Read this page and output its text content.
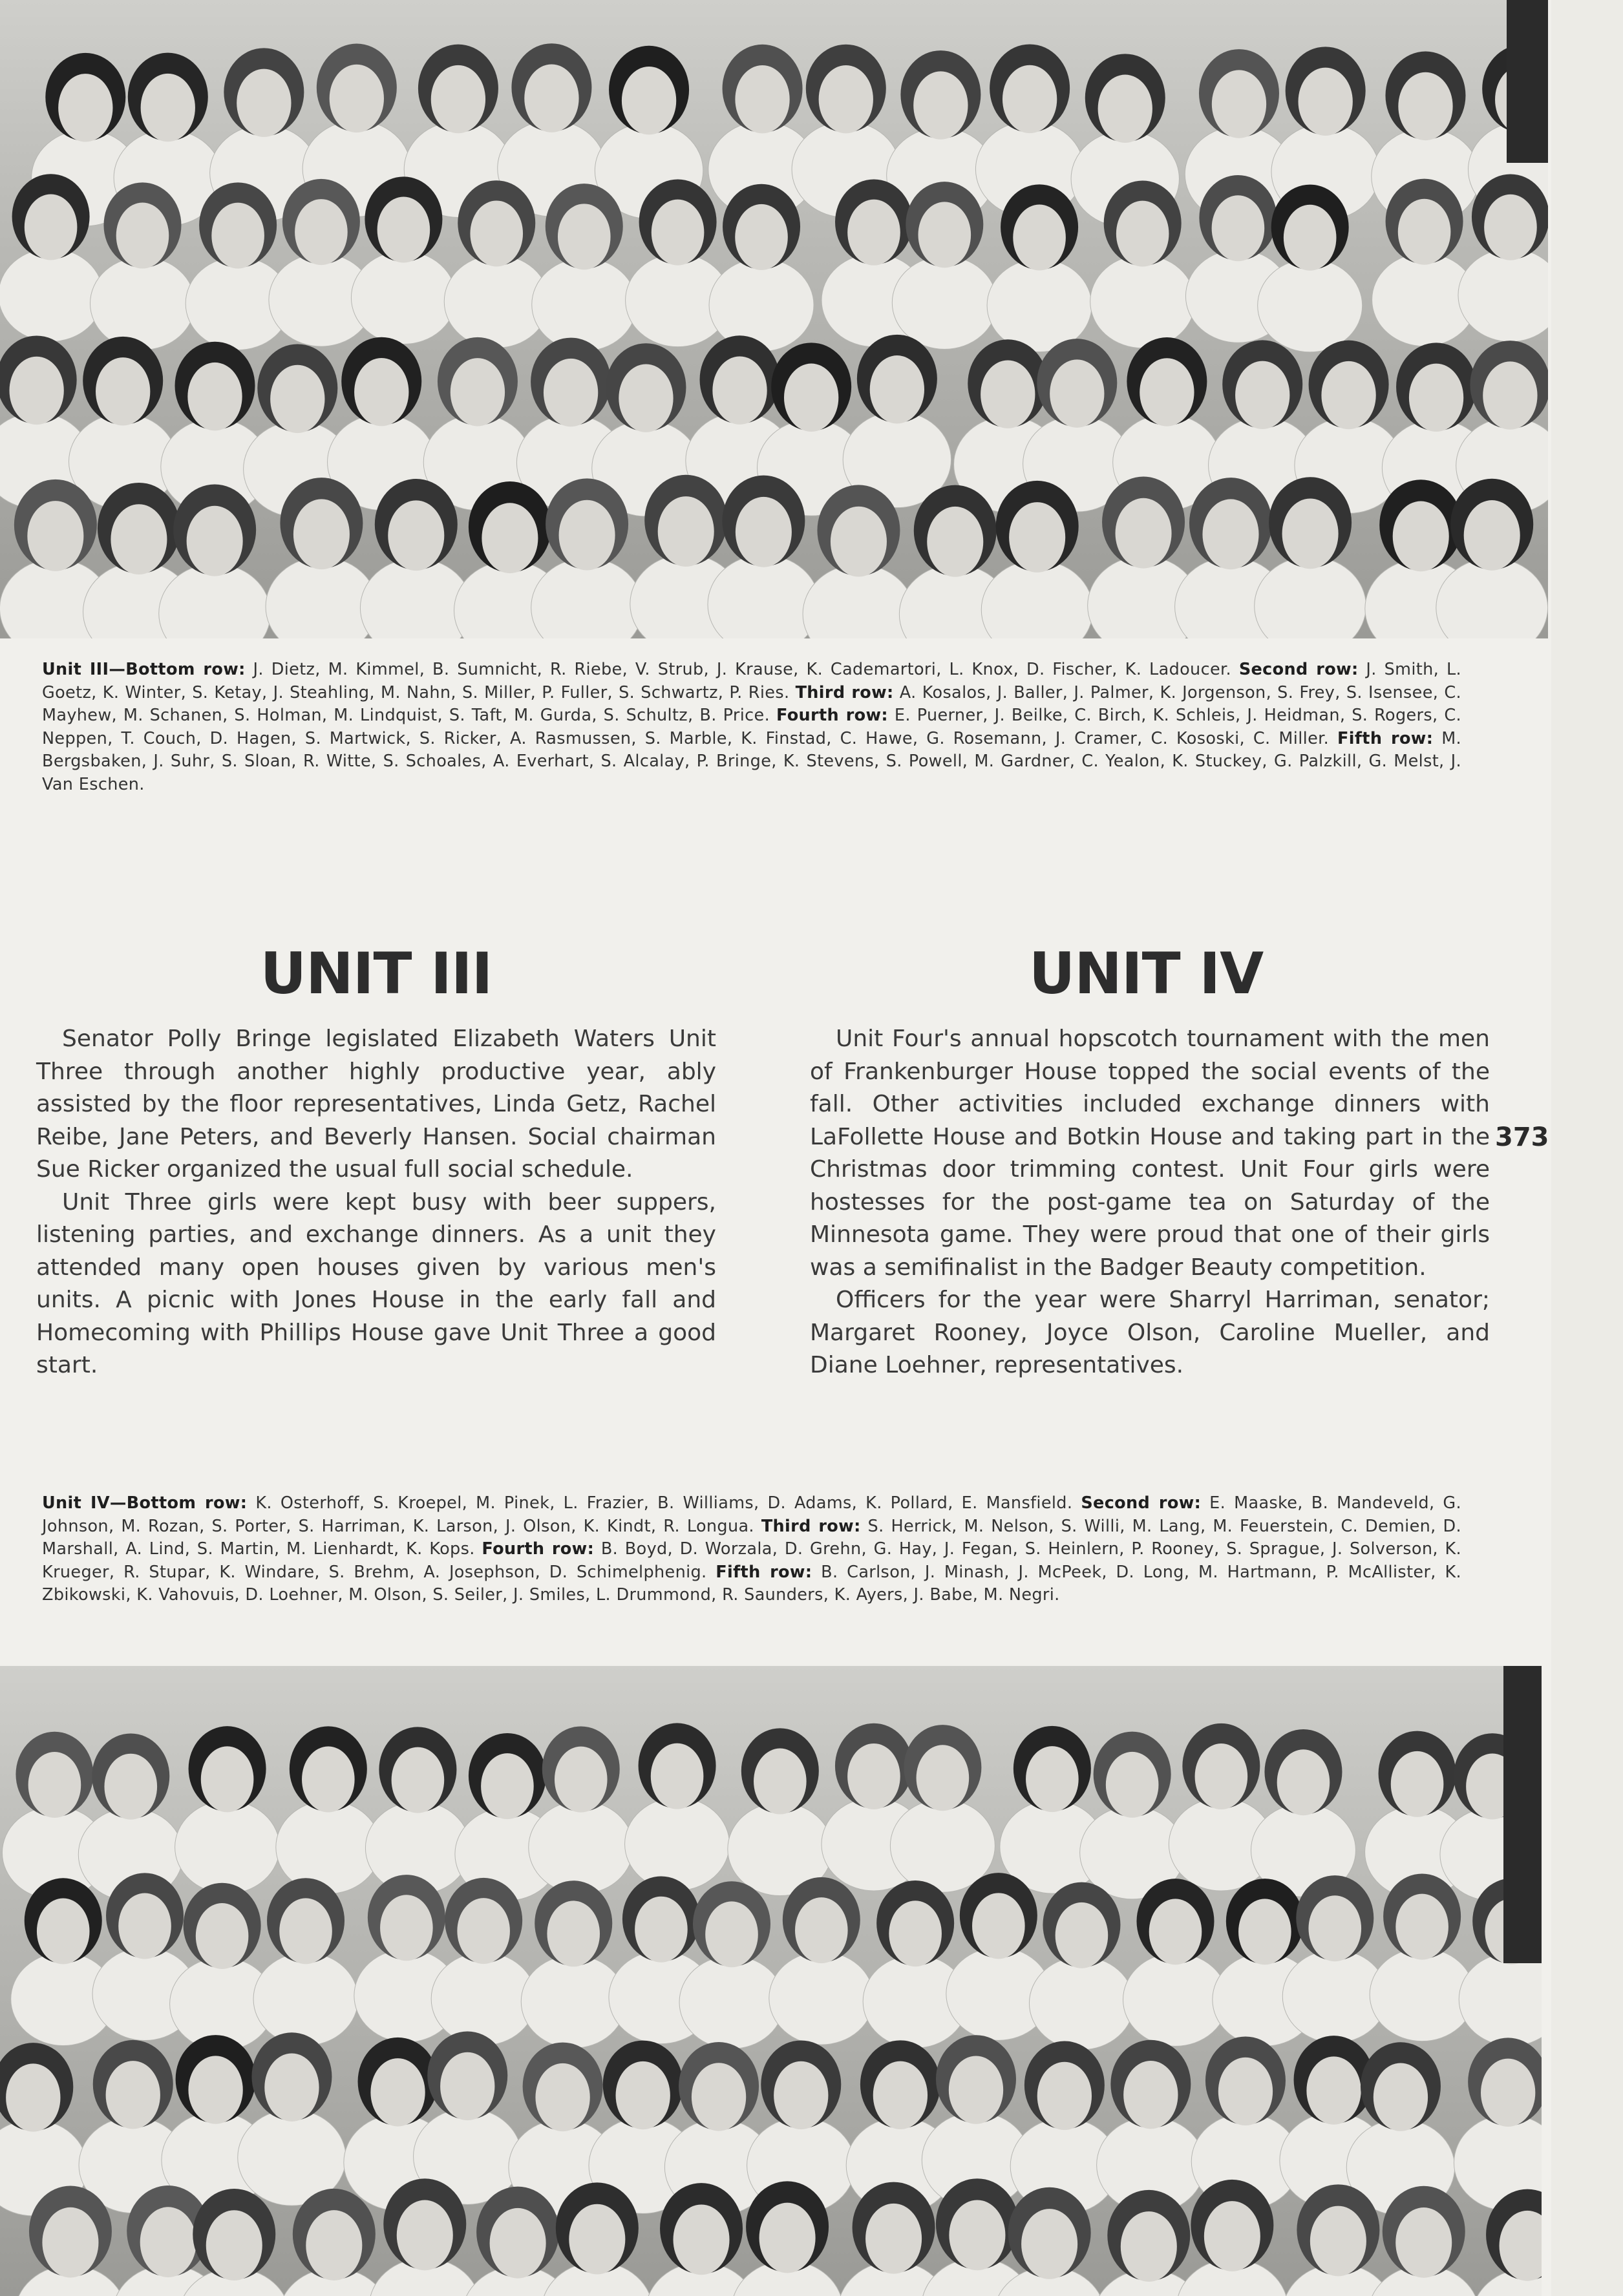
Unit III—Bottom row: J. Dietz, M. Kimmel, B. Sumnicht, R. Riebe, V. Strub, J. Krause, K. Cademartori, L. Knox, D. Fischer, K. Ladoucer. Second row: J. Smith, L. Goetz, K. Winter, S. Ketay, J. Steahling, M. Nahn, S. Miller, P. Fuller, S. Schwartz, P. Ries. Third row: A. Kosalos, J. Baller, J. Palmer, K. Jorgenson, S. Frey, S. Isensee, C. Mayhew, M. Schanen, S. Holman, M. Lindquist, S. Taft, M. Gurda, S. Schultz, B. Price. Fourth row: E. Puerner, J. Beilke, C. Birch, K. Schleis, J. Heidman, S. Rogers, C. Neppen, T. Couch, D. Hagen, S. Martwick, S. Ricker, A. Rasmussen, S. Marble, K. Finstad, C. Hawe, G. Rosemann, J. Cramer, C. Kososki, C. Miller. Fifth row: M. Bergsbaken, J. Suhr, S. Sloan, R. Witte, S. Schoales, A. Everhart, S. Alcalay, P. Bringe, K. Stevens, S. Powell, M. Gardner, C. Yealon, K. Stuckey, G. Palzkill, G. Melst, J. Van Eschen.
UNIT III	UNIT IV

Senator Polly Bringe legislated Elizabeth Waters Unit Three through another highly productive year, ably assisted by the floor representatives, Linda Getz, Rachel Reibe, Jane Peters, and Beverly Hansen. Social chairman Sue Ricker organized the usual full social schedule.

Unit Three girls were kept busy with beer suppers, listening parties, and exchange dinners. As a unit they attended many open houses given by various men's units. A picnic with Jones House in the early fall and Homecoming with Phillips House gave Unit Three a good start.

Unit Four's annual hopscotch tournament with the men of Frankenburger House topped the social events of the fall. Other activities included exchange dinners with LaFollette House and Botkin House and taking part in the Christmas door trimming contest. Unit Four girls were hostesses for the post-game tea on Saturday of the Minnesota game. They were proud that one of their girls was a semifinalist in the Badger Beauty competition.

Officers for the year were Sharryl Harriman, senator; Margaret Rooney, Joyce Olson, Caroline Mueller, and Diane Loehner, representatives.

373
Unit IV—Bottom row: K. Osterhoff, S. Kroepel, M. Pinek, L. Frazier, B. Williams, D. Adams, K. Pollard, E. Mansfield. Second row: E. Maaske, B. Mandeveld, G. Johnson, M. Rozan, S. Porter, S. Harriman, K. Larson, J. Olson, K. Kindt, R. Longua. Third row: S. Herrick, M. Nelson, S. Willi, M. Lang, M. Feuerstein, C. Demien, D. Marshall, A. Lind, S. Martin, M. Lienhardt, K. Kops. Fourth row: B. Boyd, D. Worzala, D. Grehn, G. Hay, J. Fegan, S. Heinlern, P. Rooney, S. Sprague, J. Solverson, K. Krueger, R. Stupar, K. Windare, S. Brehm, A. Josephson, D. Schimelphenig. Fifth row: B. Carlson, J. Minash, J. McPeek, D. Long, M. Hartmann, P. McAllister, K. Zbikowski, K. Vahovuis, D. Loehner, M. Olson, S. Seiler, J. Smiles, L. Drummond, R. Saunders, K. Ayers, J. Babe, M. Negri.
